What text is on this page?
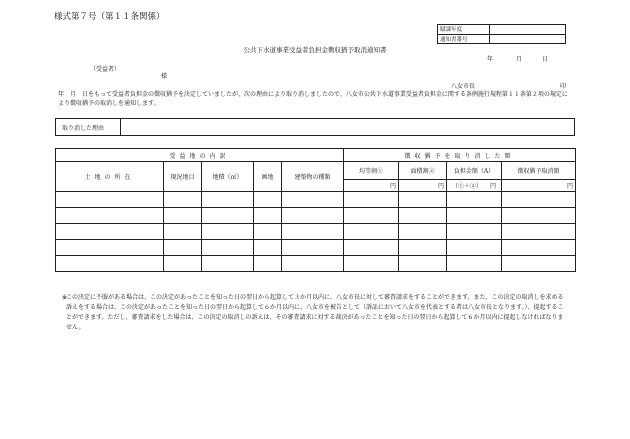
様式第７号（第１１条関係）
賦課年度	
通知書番号	
公共下水道事業受益者負担金徴収猶予取消通知書
年	月	日
（受益者）
様
八女市長	印
年　月　日をもって受益者負担金の徴収猶予を決定していましたが、次の理由により取り消しましたので、八女市公共下水道事業受益者負担金に関する条例施行規程第１１条第２項の規定により徴収猶予の取消しを通知します。
取り消した理由
受益地の内訳					徴収猶予を取り消した額			
土地の所在	現況地目	地積（㎡）	画地	建築物の種類	均等割①	面積割②	負担金額（A）	徴収猶予取消額
					円	円	（①＋②） 円	円

※
この決定に不服がある場合は、この決定があったことを知った日の翌日から起算して３か月以内に、八女市長に対して審査請求をすることができます。また、この決定の取消しを求める訴えをする場合は、この決定があったことを知った日の翌日から起算して６か月以内に、八女市を被告として（訴訟において八女市を代表とする者は八女市長となります。）、提起することができます。ただし、審査請求をした場合は、この決定の取消しの訴えは、その審査請求に対する裁決があったことを知った日の翌日から起算して６か月以内に提起しなければなりません。
